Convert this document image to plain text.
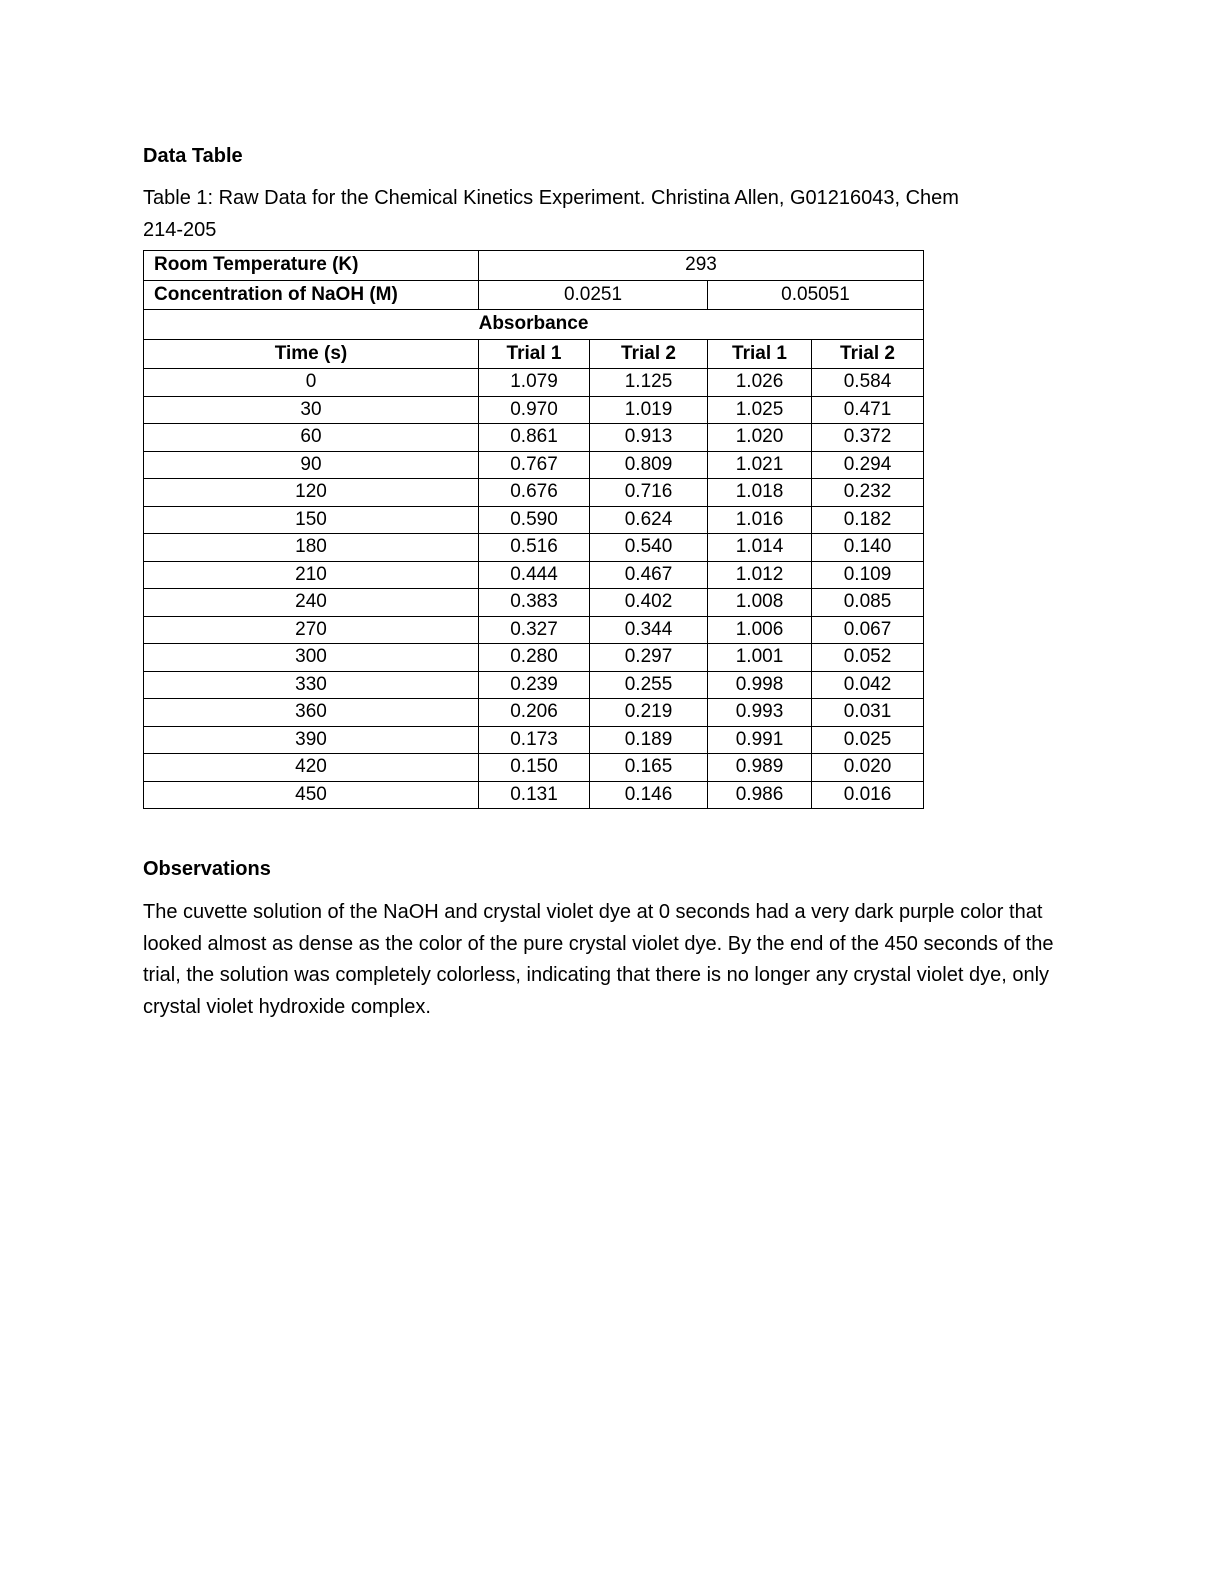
Data Table

Table 1: Raw Data for the Chemical Kinetics Experiment. Christina Allen, G01216043, Chem 214-205

Room Temperature (K)	293			
Concentration of NaOH (M)	0.0251		0.05051	
Absorbance				
Time (s)	Trial 1	Trial 2	Trial 1	Trial 2
0	1.079	1.125	1.026	0.584
30	0.970	1.019	1.025	0.471
60	0.861	0.913	1.020	0.372
90	0.767	0.809	1.021	0.294
120	0.676	0.716	1.018	0.232
150	0.590	0.624	1.016	0.182
180	0.516	0.540	1.014	0.140
210	0.444	0.467	1.012	0.109
240	0.383	0.402	1.008	0.085
270	0.327	0.344	1.006	0.067
300	0.280	0.297	1.001	0.052
330	0.239	0.255	0.998	0.042
360	0.206	0.219	0.993	0.031
390	0.173	0.189	0.991	0.025
420	0.150	0.165	0.989	0.020
450	0.131	0.146	0.986	0.016
Observations

The cuvette solution of the NaOH and crystal violet dye at 0 seconds had a very dark purple color that looked almost as dense as the color of the pure crystal violet dye. By the end of the 450 seconds of the trial, the solution was completely colorless, indicating that there is no longer any crystal violet dye, only crystal violet hydroxide complex.
